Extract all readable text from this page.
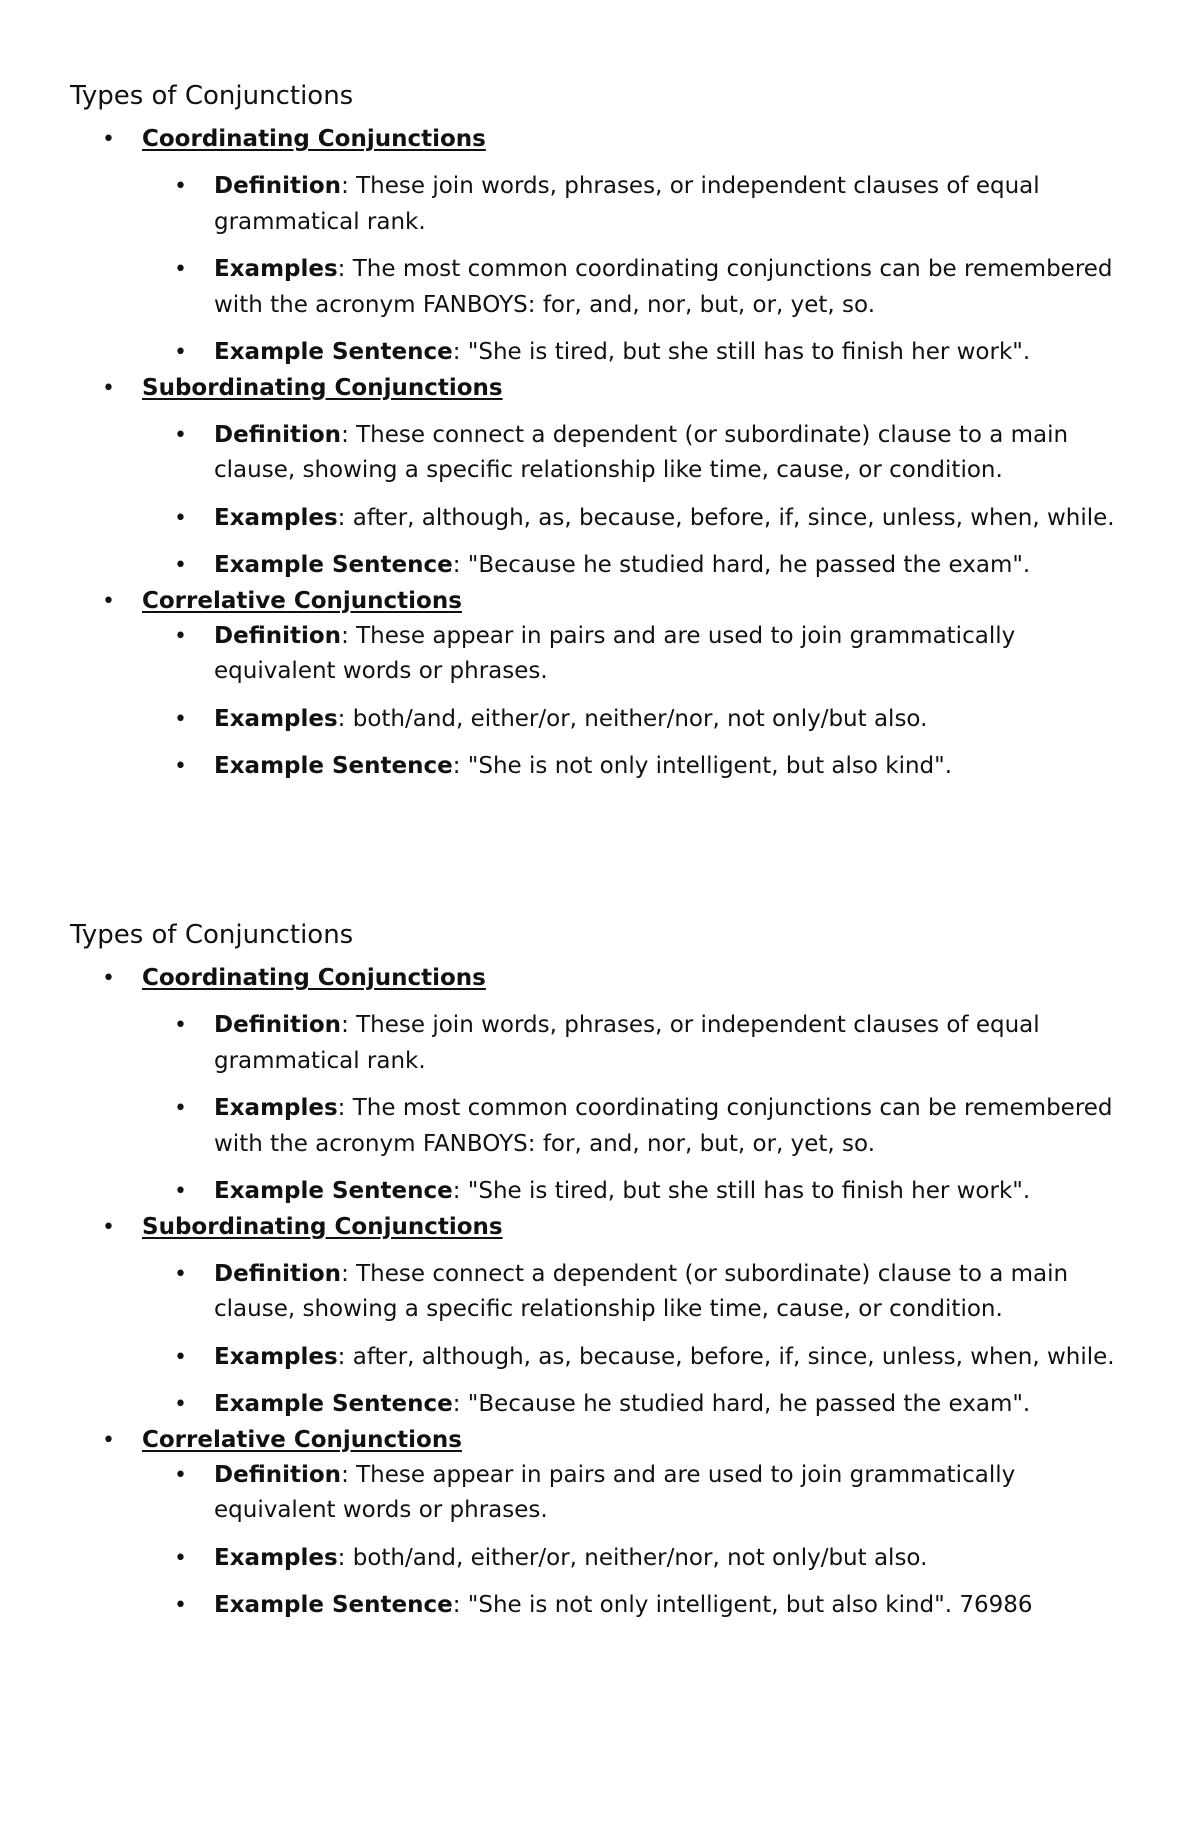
Types of Conjunctions
• Coordinating Conjunctions
• Definition: These join words, phrases, or independent clauses of equal grammatical rank.
• Examples: The most common coordinating conjunctions can be remembered with the acronym FANBOYS: for, and, nor, but, or, yet, so.
• Example Sentence: "She is tired, but she still has to finish her work".
• Subordinating Conjunctions
• Definition: These connect a dependent (or subordinate) clause to a main clause, showing a specific relationship like time, cause, or condition.
• Examples: after, although, as, because, before, if, since, unless, when, while.
• Example Sentence: "Because he studied hard, he passed the exam".
• Correlative Conjunctions
• Definition: These appear in pairs and are used to join grammatically equivalent words or phrases.
• Examples: both/and, either/or, neither/nor, not only/but also.
• Example Sentence: "She is not only intelligent, but also kind".
Types of Conjunctions
• Coordinating Conjunctions
• Definition: These join words, phrases, or independent clauses of equal grammatical rank.
• Examples: The most common coordinating conjunctions can be remembered with the acronym FANBOYS: for, and, nor, but, or, yet, so.
• Example Sentence: "She is tired, but she still has to finish her work".
• Subordinating Conjunctions
• Definition: These connect a dependent (or subordinate) clause to a main clause, showing a specific relationship like time, cause, or condition.
• Examples: after, although, as, because, before, if, since, unless, when, while.
• Example Sentence: "Because he studied hard, he passed the exam".
• Correlative Conjunctions
• Definition: These appear in pairs and are used to join grammatically equivalent words or phrases.
• Examples: both/and, either/or, neither/nor, not only/but also.
• Example Sentence: "She is not only intelligent, but also kind". 76986
